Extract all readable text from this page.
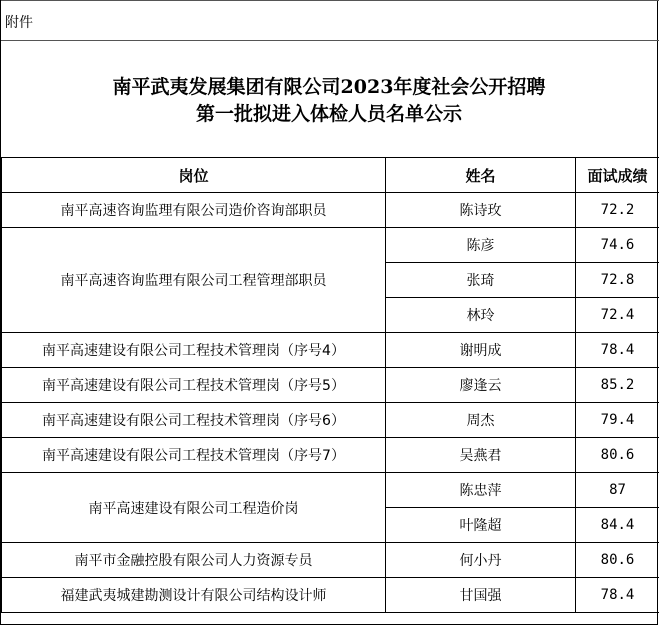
附件
南平武夷发展集团有限公司2023年度社会公开招聘
第一批拟进入体检人员名单公示
岗位	姓名	面试成绩
南平高速咨询监理有限公司造价咨询部职员	陈诗玫	72.2
南平高速咨询监理有限公司工程管理部职员	陈彦	74.6
	张琦	72.8
	林玲	72.4
南平高速建设有限公司工程技术管理岗（序号4）	谢明成	78.4
南平高速建设有限公司工程技术管理岗（序号5）	廖逢云	85.2
南平高速建设有限公司工程技术管理岗（序号6）	周杰	79.4
南平高速建设有限公司工程技术管理岗（序号7）	吴燕君	80.6
南平高速建设有限公司工程造价岗	陈忠萍	87
	叶隆超	84.4
南平市金融控股有限公司人力资源专员	何小丹	80.6
福建武夷城建勘测设计有限公司结构设计师	甘国强	78.4
